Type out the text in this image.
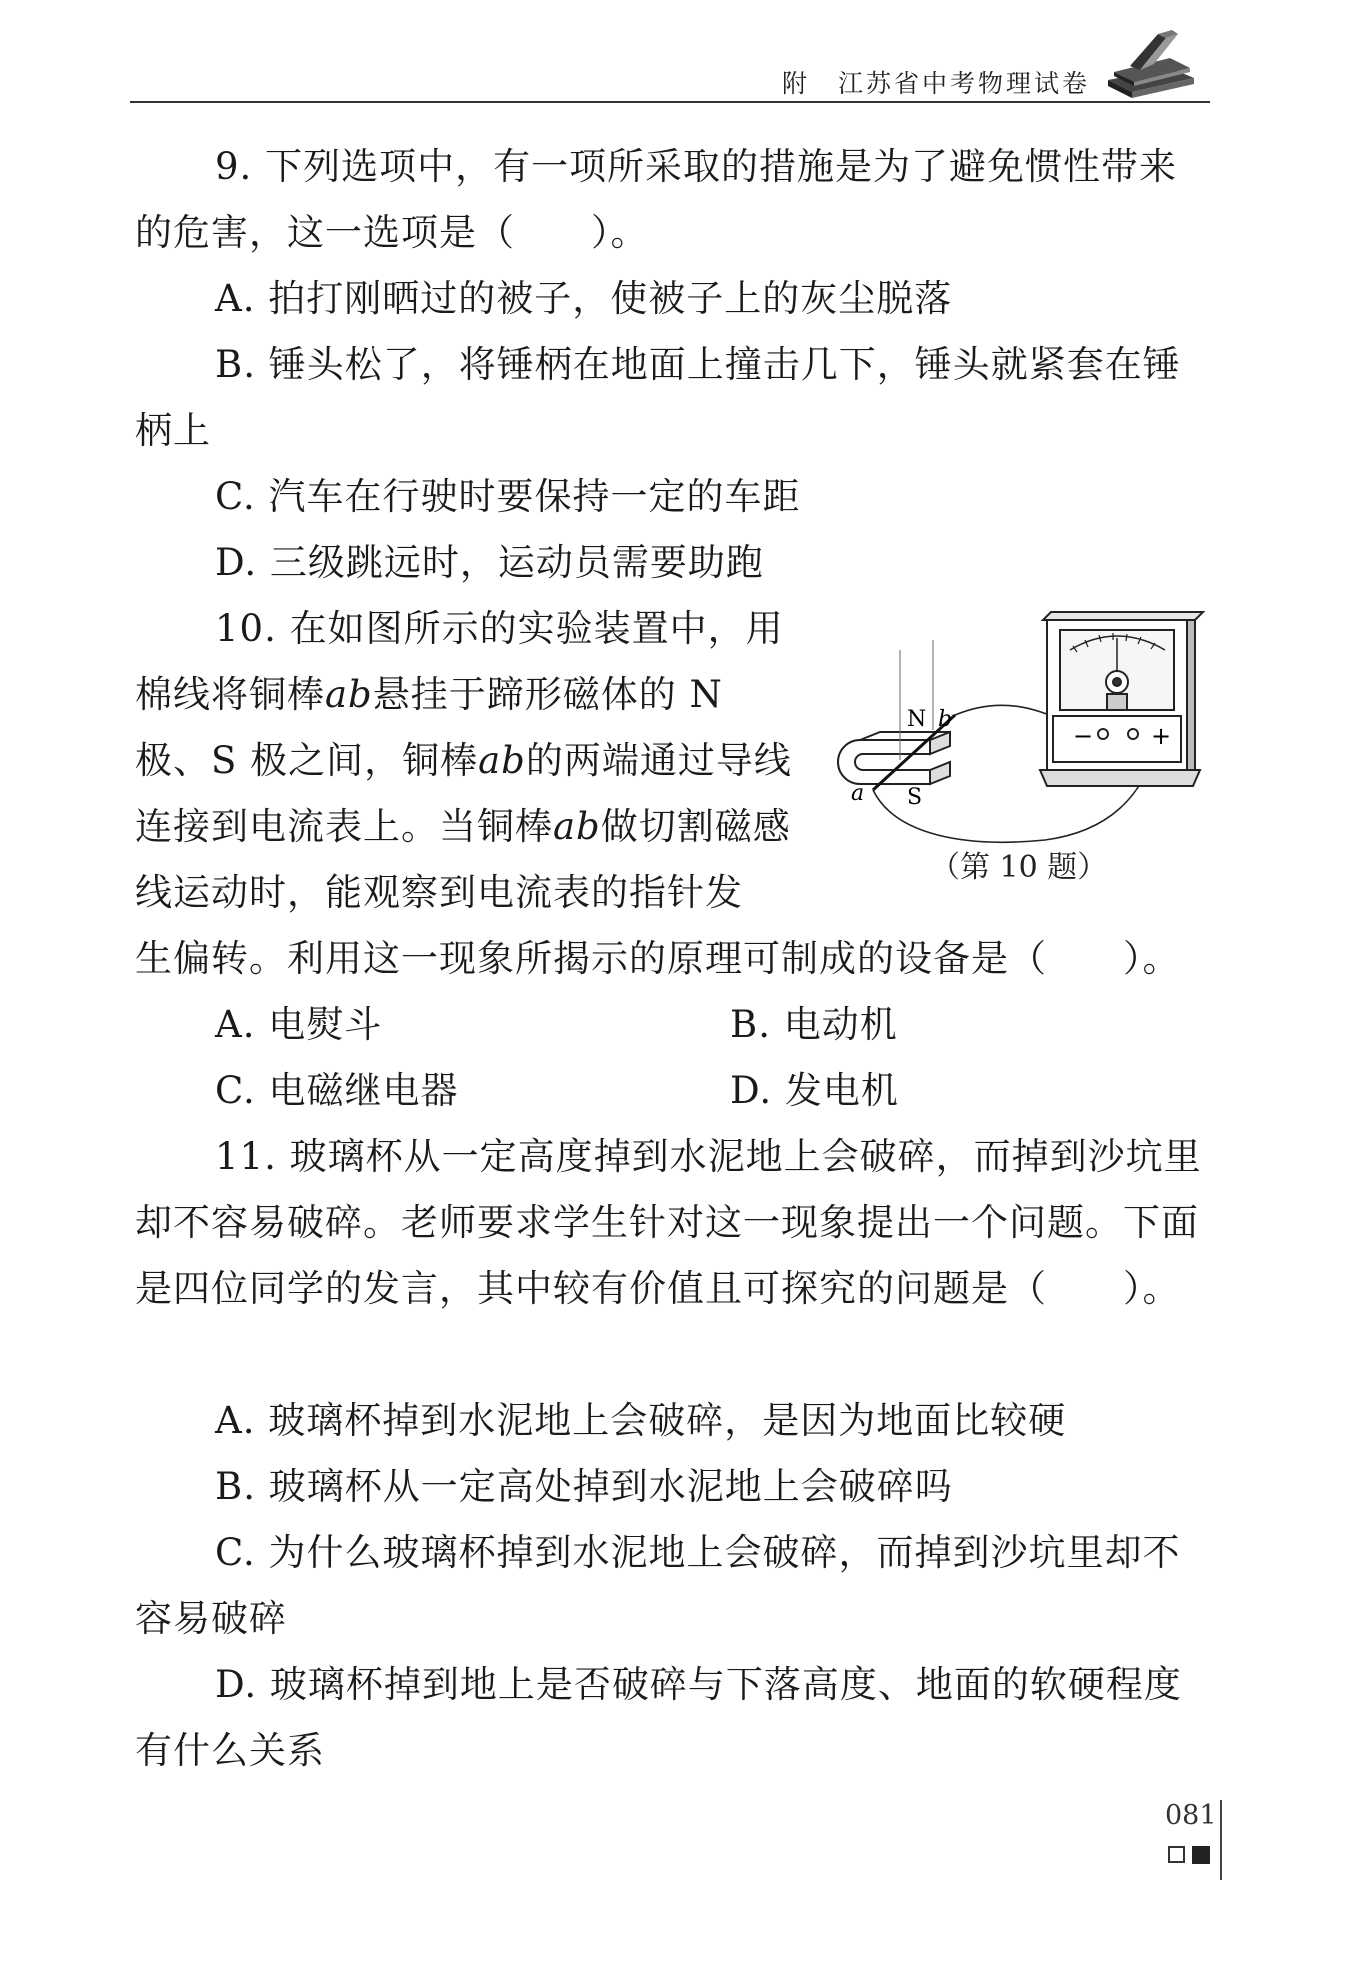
附　江苏省中考物理试卷
9. 下列选项中，有一项所采取的措施是为了避免惯性带来的危害，这一选项是（　　）。
A. 拍打刚晒过的被子，使被子上的灰尘脱落
B. 锤头松了，将锤柄在地面上撞击几下，锤头就紧套在锤柄上
C. 汽车在行驶时要保持一定的车距
D. 三级跳远时，运动员需要助跑
10. 在如图所示的实验装置中，用棉线将铜棒ab悬挂于蹄形磁体的 N 极、S 极之间，铜棒ab的两端通过导线连接到电流表上。当铜棒ab做切割磁感线运动时，能观察到电流表的指针发
生偏转。利用这一现象所揭示的原理可制成的设备是（　　）。
A. 电熨斗	B. 电动机
C. 电磁继电器	D. 发电机
N
S
a
b
− +
（第 10 题）
11. 玻璃杯从一定高度掉到水泥地上会破碎，而掉到沙坑里却不容易破碎。老师要求学生针对这一现象提出一个问题。下面是四位同学的发言，其中较有价值且可探究的问题是（　　）。
A. 玻璃杯掉到水泥地上会破碎，是因为地面比较硬
B. 玻璃杯从一定高处掉到水泥地上会破碎吗
C. 为什么玻璃杯掉到水泥地上会破碎，而掉到沙坑里却不容易破碎
D. 玻璃杯掉到地上是否破碎与下落高度、地面的软硬程度有什么关系
081
